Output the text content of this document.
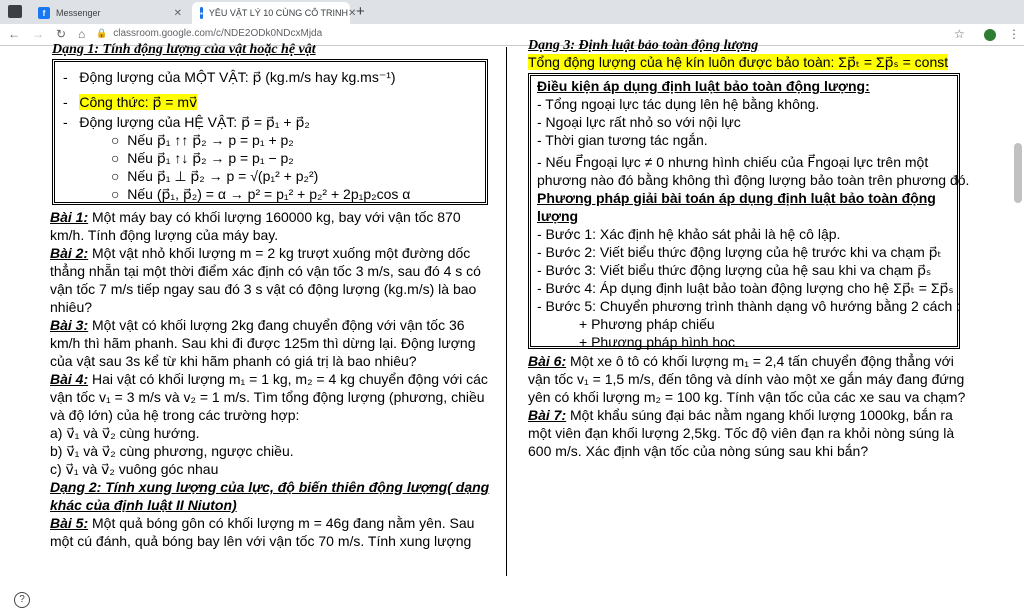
f	Messenger	✕ ▪ YÊU VẬT LÝ 10 CÙNG CÔ TRINH ✕ +
← → ↻ ⌂ 🔒 classroom.google.com/c/NDE2ODk0NDcxMjda	☆	⋮
Dạng 1: Tính động lượng của vật hoặc hệ vật
-   Động lượng của MỘT VẬT: p⃗ (kg.m/s hay kg.ms⁻¹)
-   Công thức: p⃗ = mv⃗
-   Động lượng của HỆ VẬT: p⃗ = p⃗₁ + p⃗₂
○  Nếu p⃗₁ ↑↑ p⃗₂ → p = p₁ + p₂
○  Nếu p⃗₁ ↑↓ p⃗₂ → p = p₁ − p₂
○  Nếu p⃗₁ ⊥ p⃗₂ → p = √(p₁² + p₂²)
○  Nếu (p⃗₁, p⃗₂) = α → p² = p₁² + p₂² + 2p₁p₂cos α
Bài 1: Một máy bay có khối lượng 160000 kg, bay với vận tốc 870
km/h. Tính động lượng của máy bay.
Bài 2: Một vật nhỏ khối lượng m = 2 kg trượt xuống một đường dốc
thẳng nhẵn tại một thời điểm xác định có vận tốc 3 m/s, sau đó 4 s có
vận tốc 7 m/s tiếp ngay sau đó 3 s vật có động lượng (kg.m/s) là bao
nhiêu?
Bài 3: Một vật có khối lượng 2kg đang chuyển động với vận tốc 36
km/h thì hãm phanh. Sau khi đi được 125m thì dừng lại. Động lượng
của vật sau 3s kể từ khi hãm phanh có giá trị là bao nhiêu?
Bài 4: Hai vật có khối lượng m₁ = 1 kg, m₂ = 4 kg chuyển động với các
vận tốc v₁ = 3 m/s và v₂ = 1 m/s. Tìm tổng động lượng (phương, chiều
và độ lớn) của hệ trong các trường hợp:
a) v⃗₁ và v⃗₂ cùng hướng.
b) v⃗₁ và v⃗₂ cùng phương, ngược chiều.
c) v⃗₁ và v⃗₂ vuông góc nhau
Dạng 2: Tính xung lượng của lực, độ biến thiên động lượng( dạng
khác của định luật II Niuton)
Bài 5: Một quả bóng gôn có khối lượng m = 46g đang nằm yên. Sau
một cú đánh, quả bóng bay lên với vận tốc 70 m/s. Tính xung lượng
Dạng 3: Định luật bảo toàn động lượng
Tổng động lượng của hệ kín luôn được bảo toàn: Σp⃗ₜ = Σp⃗ₛ = const
Điều kiện áp dụng định luật bảo toàn động lượng:
- Tổng ngoại lực tác dụng lên hệ bằng không.
- Ngoại lực rất nhỏ so với nội lực
- Thời gian tương tác ngắn.
- Nếu F⃗ngoại lực ≠ 0 nhưng hình chiếu của F⃗ngoại lực trên một
phương nào đó bằng không thì động lượng bảo toàn trên phương đó.
Phương pháp giải bài toán áp dụng định luật bảo toàn động
lượng
- Bước 1: Xác định hệ khảo sát phải là hệ cô lập.
- Bước 2: Viết biểu thức động lượng của hệ trước khi va chạm p⃗ₜ
- Bước 3: Viết biểu thức động lượng của hệ sau khi va chạm p⃗ₛ
- Bước 4: Áp dụng định luật bảo toàn động lượng cho hệ Σp⃗ₜ = Σp⃗ₛ
- Bước 5: Chuyển phương trình thành dạng vô hướng bằng 2 cách :
+ Phương pháp chiếu
+ Phương pháp hình học
Bài 6: Một xe ô tô có khối lượng m₁ = 2,4 tấn chuyển động thẳng với
vận tốc v₁ = 1,5 m/s, đến tông và dính vào một xe gắn máy đang đứng
yên có khối lượng m₂ = 100 kg. Tính vận tốc của các xe sau va chạm?
Bài 7: Một khẩu súng đại bác nằm ngang khối lượng 1000kg, bắn ra
một viên đạn khối lượng 2,5kg. Tốc độ viên đạn ra khỏi nòng súng là
600 m/s. Xác định vận tốc của nòng súng sau khi bắn?
?
